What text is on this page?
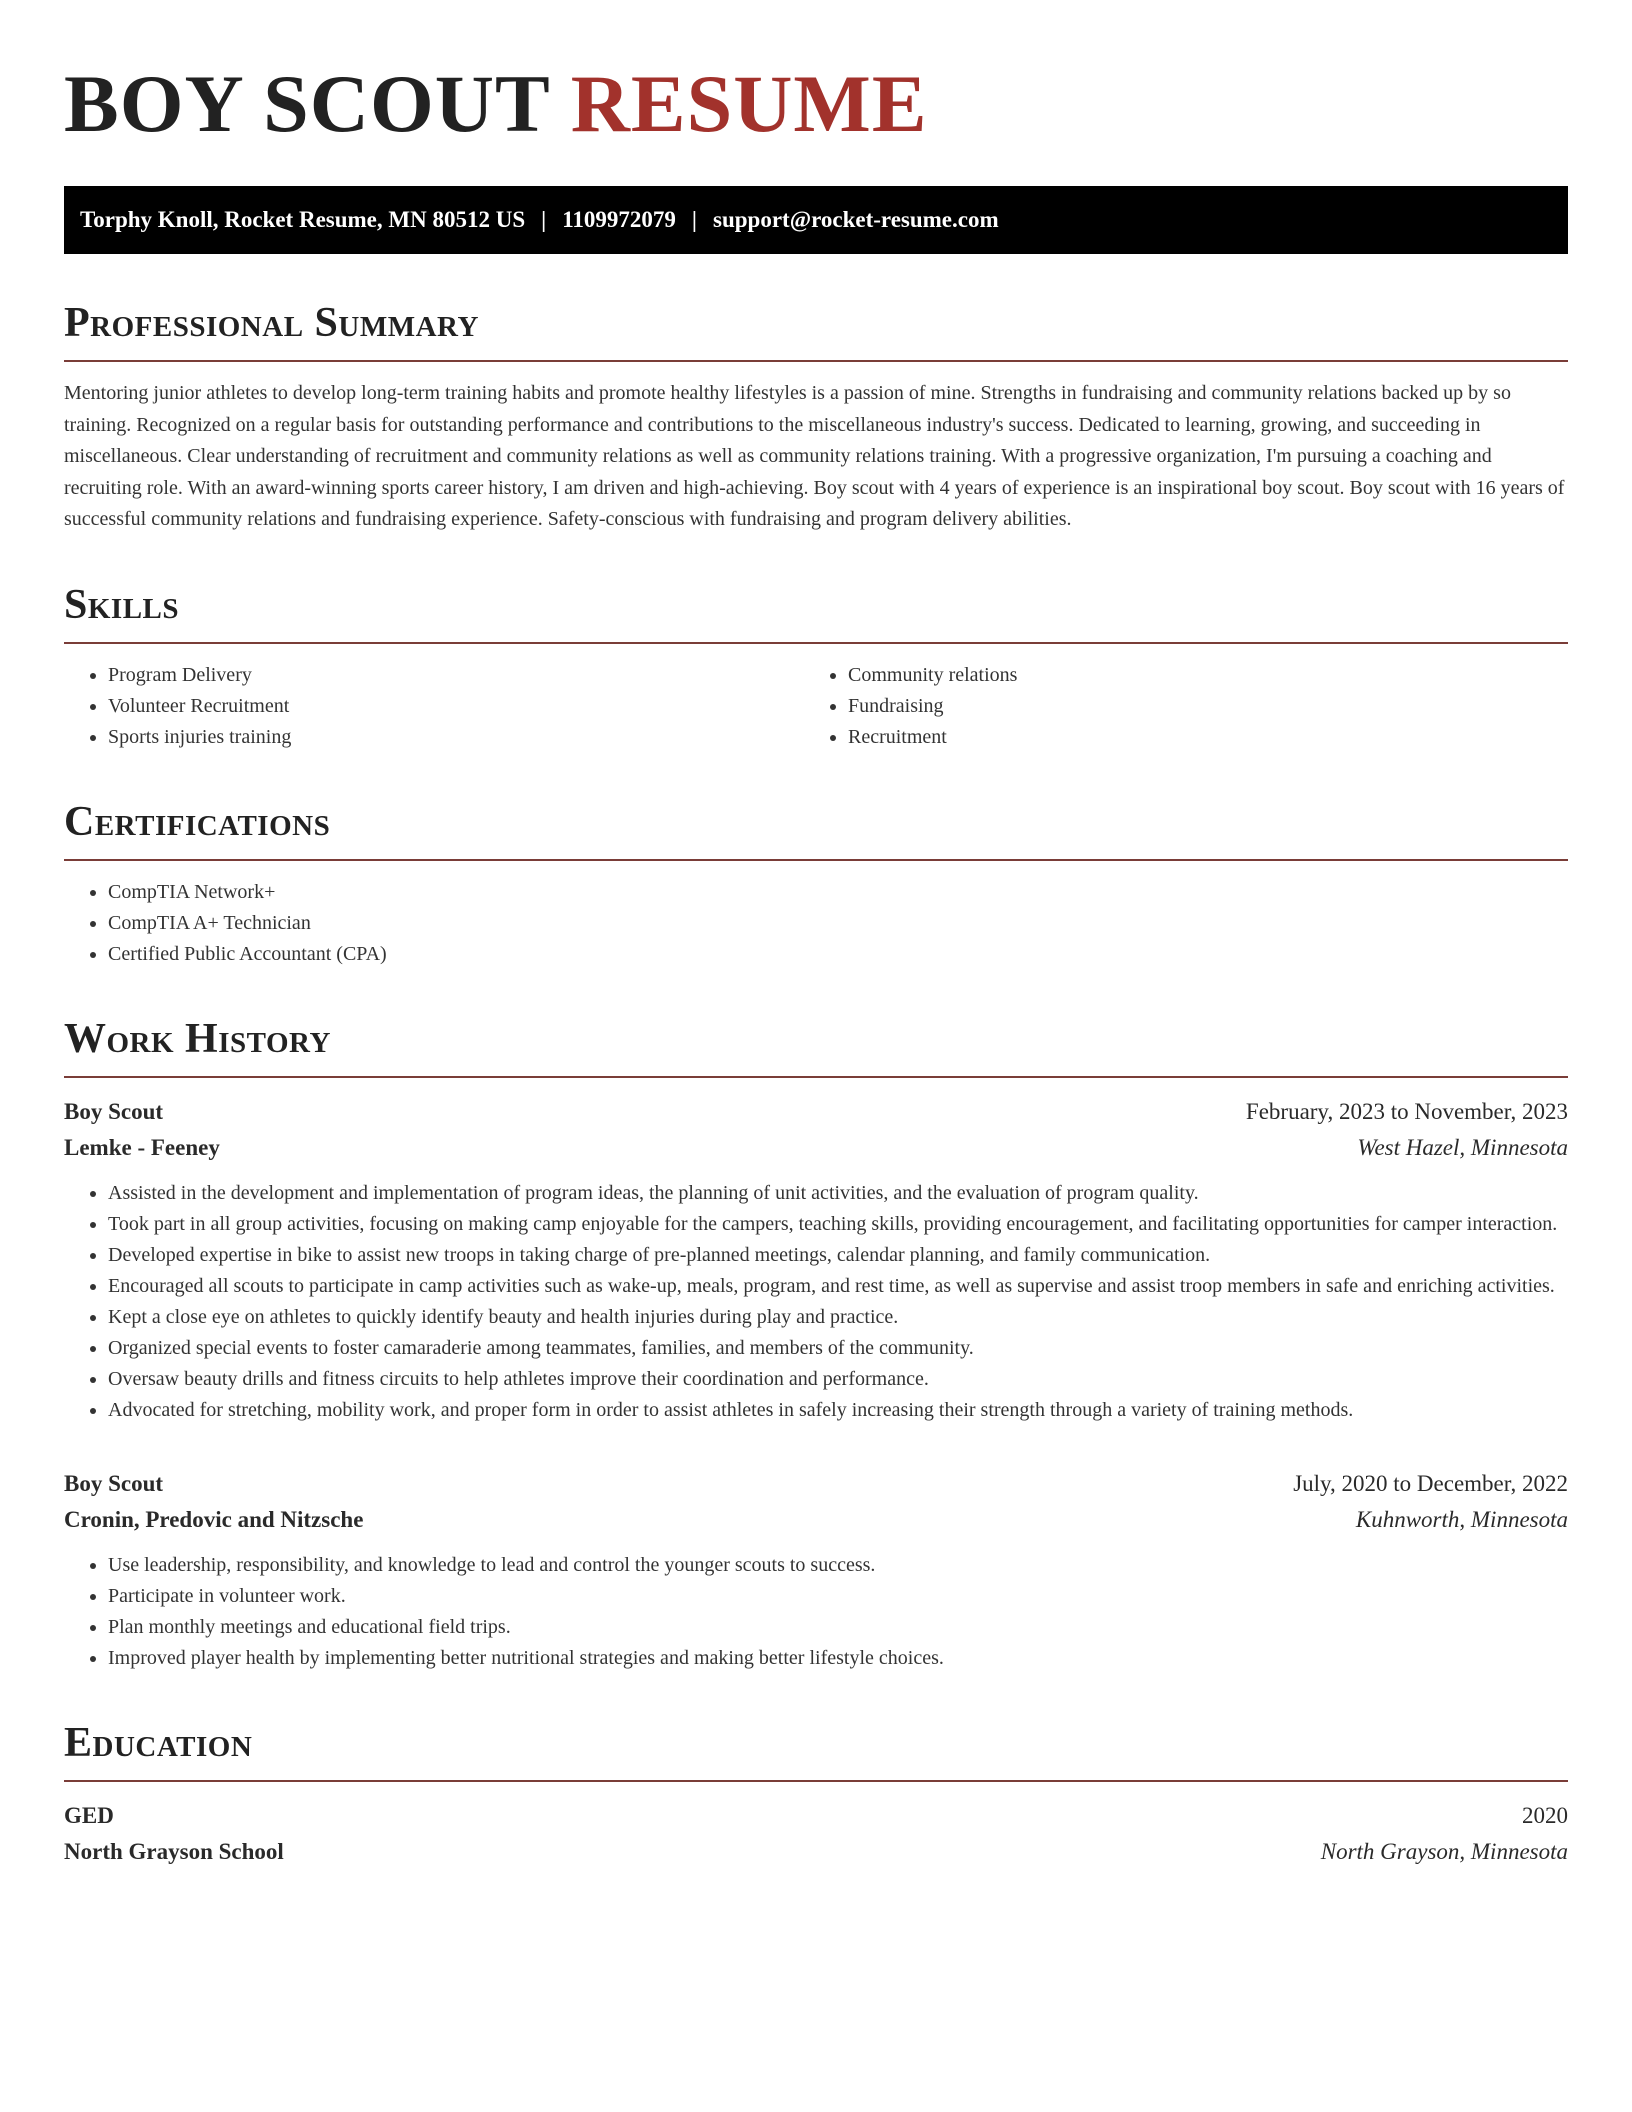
BOY SCOUT RESUME
Torphy Knoll, Rocket Resume, MN 80512 US | 1109972079 | support@rocket-resume.com
Professional Summary

Mentoring junior athletes to develop long-term training habits and promote healthy lifestyles is a passion of mine. Strengths in fundraising and community relations backed up by so training. Recognized on a regular basis for outstanding performance and contributions to the miscellaneous industry's success. Dedicated to learning, growing, and succeeding in miscellaneous. Clear understanding of recruitment and community relations as well as community relations training. With a progressive organization, I'm pursuing a coaching and recruiting role. With an award-winning sports career history, I am driven and high-achieving. Boy scout with 4 years of experience is an inspirational boy scout. Boy scout with 16 years of successful community relations and fundraising experience. Safety-conscious with fundraising and program delivery abilities.

Skills
• Program Delivery
• Volunteer Recruitment
• Sports injuries training
• Community relations
• Fundraising
• Recruitment
Certifications
• CompTIA Network+
• CompTIA A+ Technician
• Certified Public Accountant (CPA)
Work History
Boy Scout	February, 2023 to November, 2023
Lemke - Feeney	West Hazel, Minnesota
• Assisted in the development and implementation of program ideas, the planning of unit activities, and the evaluation of program quality.
• Took part in all group activities, focusing on making camp enjoyable for the campers, teaching skills, providing encouragement, and facilitating opportunities for camper interaction.
• Developed expertise in bike to assist new troops in taking charge of pre-planned meetings, calendar planning, and family communication.
• Encouraged all scouts to participate in camp activities such as wake-up, meals, program, and rest time, as well as supervise and assist troop members in safe and enriching activities.
• Kept a close eye on athletes to quickly identify beauty and health injuries during play and practice.
• Organized special events to foster camaraderie among teammates, families, and members of the community.
• Oversaw beauty drills and fitness circuits to help athletes improve their coordination and performance.
• Advocated for stretching, mobility work, and proper form in order to assist athletes in safely increasing their strength through a variety of training methods.
Boy Scout	July, 2020 to December, 2022
Cronin, Predovic and Nitzsche	Kuhnworth, Minnesota
• Use leadership, responsibility, and knowledge to lead and control the younger scouts to success.
• Participate in volunteer work.
• Plan monthly meetings and educational field trips.
• Improved player health by implementing better nutritional strategies and making better lifestyle choices.
Education
GED	2020
North Grayson School	North Grayson, Minnesota
